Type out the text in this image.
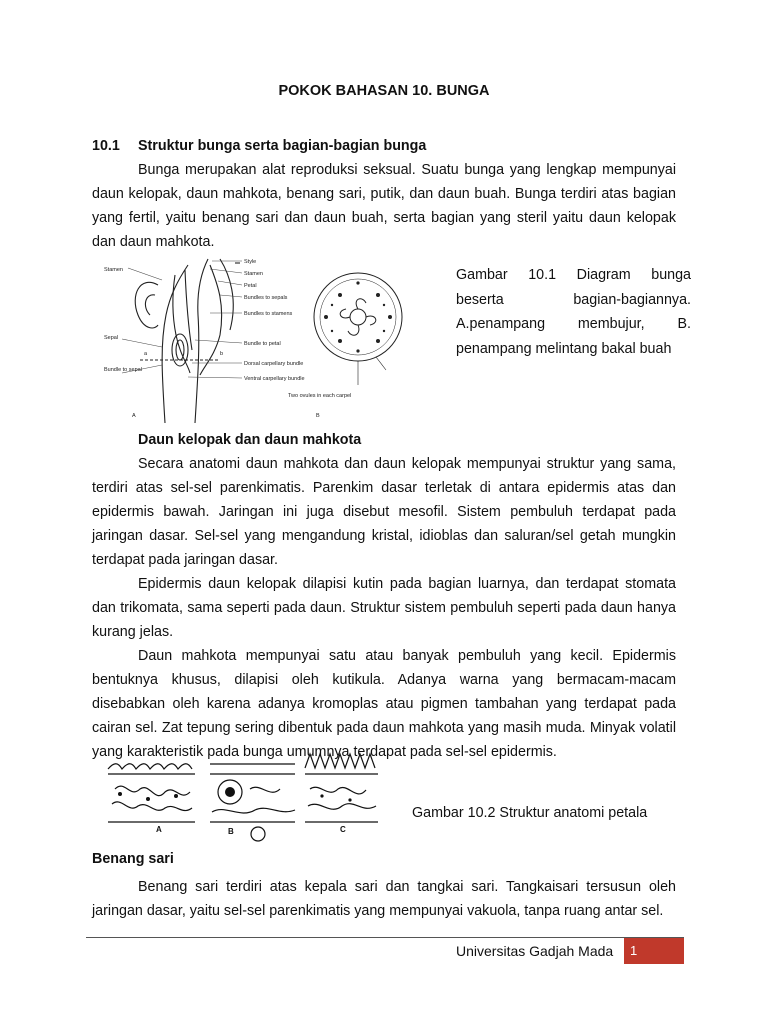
POKOK BAHASAN 10. BUNGA
10.1 Struktur bunga serta bagian-bagian bunga

Bunga merupakan alat reproduksi seksual. Suatu bunga yang lengkap mempunyai daun kelopak, daun mahkota, benang sari, putik, dan daun buah. Bunga terdiri atas bagian yang fertil, yaitu benang sari dan daun buah, serta bagian yang steril yaitu daun kelopak dan daun mahkota.

Stamen
Sepal
Bundle to sepal
Style
Stamen
Petal
Bundles to sepals
Bundles to stamens
Bundle to petal
Dorsal carpellary bundle
Ventral carpellary bundle
Two ovules in each carpel
a	b
A	B
Gambar 10.1 Diagram bunga beserta bagian-bagiannya. A.penampang membujur, B. penampang melintang bakal buah
Daun kelopak dan daun mahkota

Secara anatomi daun mahkota dan daun kelopak mempunyai struktur yang sama, terdiri atas sel-sel parenkimatis. Parenkim dasar terletak di antara epidermis atas dan epidermis bawah. Jaringan ini juga disebut mesofil. Sistem pembuluh terdapat pada jaringan dasar. Sel-sel yang mengandung kristal, idioblas dan saluran/sel getah mungkin terdapat pada jaringan dasar.

Epidermis daun kelopak dilapisi kutin pada bagian luarnya, dan terdapat stomata dan trikomata, sama seperti pada daun. Struktur sistem pembuluh seperti pada daun hanya kurang jelas.

Daun mahkota mempunyai satu atau banyak pembuluh yang kecil. Epidermis bentuknya khusus, dilapisi oleh kutikula. Adanya warna yang bermacam-macam disebabkan oleh karena adanya kromoplas atau pigmen tambahan yang terdapat pada cairan sel. Zat tepung sering dibentuk pada daun mahkota yang masih muda. Minyak volatil yang karakteristik pada bunga umumnya terdapat pada sel-sel epidermis.

A	B	C
Gambar 10.2 Struktur anatomi petala
Benang sari

Benang sari terdiri atas kepala sari dan tangkai sari. Tangkaisari tersusun oleh jaringan dasar, yaitu sel-sel parenkimatis yang mempunyai vakuola, tanpa ruang antar sel.

Universitas Gadjah Mada 1
